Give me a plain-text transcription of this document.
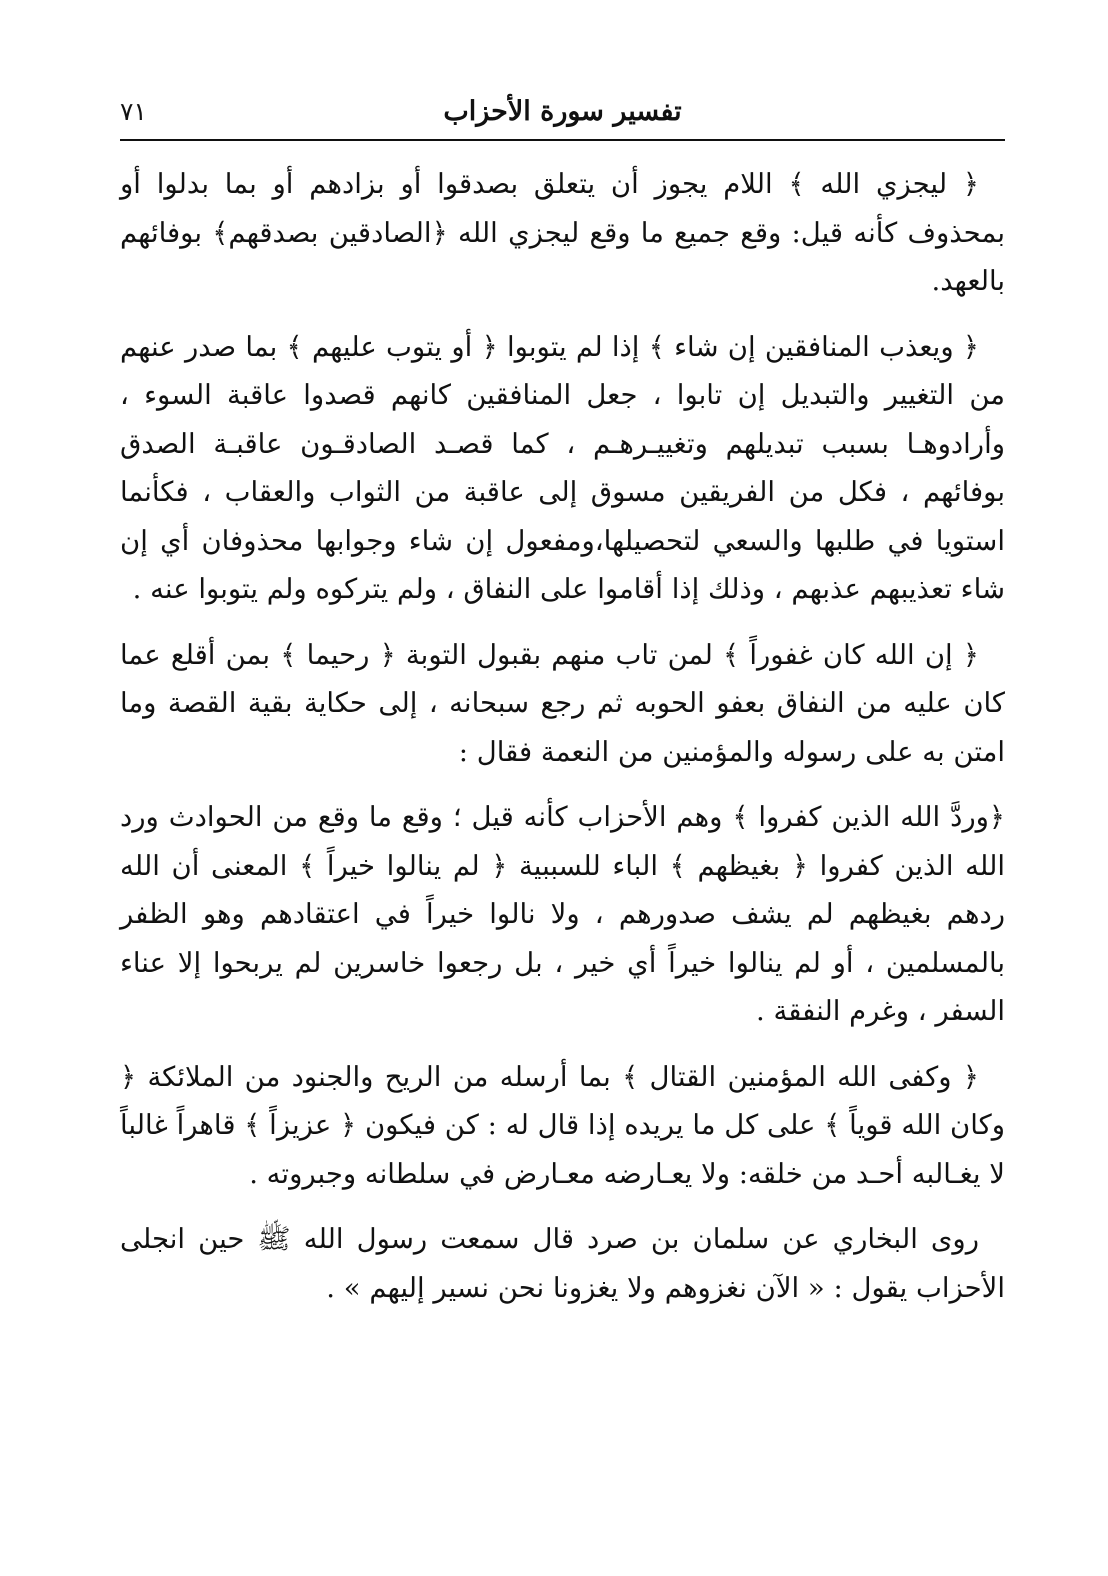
تفسير سورة الأحزاب
٧١

﴿ ليجزي الله ﴾ اللام يجوز أن يتعلق بصدقوا أو بزادهم أو بما بدلوا أو بمحذوف كأنه قيل: وقع جميع ما وقع ليجزي الله ﴿الصادقين بصدقهم﴾ بوفائهم بالعهد.

﴿ ويعذب المنافقين إن شاء ﴾ إذا لم يتوبوا ﴿ أو يتوب عليهم ﴾ بما صدر عنهم من التغيير والتبديل إن تابوا ، جعل المنافقين كانهم قصدوا عاقبة السوء ، وأرادوهـا بسبب تبديلهم وتغييـرهـم ، كما قصـد الصادقـون عاقبـة الصدق بوفائهم ، فكل من الفريقين مسوق إلى عاقبة من الثواب والعقاب ، فكأنما استويا في طلبها والسعي لتحصيلها،ومفعول إن شاء وجوابها محذوفان أي إن شاء تعذيبهم عذبهم ، وذلك إذا أقاموا على النفاق ، ولم يتركوه ولم يتوبوا عنه .

﴿ إن الله كان غفوراً ﴾ لمن تاب منهم بقبول التوبة ﴿ رحيما ﴾ بمن أقلع عما كان عليه من النفاق بعفو الحوبه ثم رجع سبحانه ، إلى حكاية بقية القصة وما امتن به على رسوله والمؤمنين من النعمة فقال :

﴿وردَّ الله الذين كفروا ﴾ وهم الأحزاب كأنه قيل ؛ وقع ما وقع من الحوادث ورد الله الذين كفروا ﴿ بغيظهم ﴾ الباء للسببية ﴿ لم ينالوا خيراً ﴾ المعنى أن الله ردهم بغيظهم لم يشف صدورهم ، ولا نالوا خيراً في اعتقادهم وهو الظفر بالمسلمين ، أو لم ينالوا خيراً أي خير ، بل رجعوا خاسرين لم يربحوا إلا عناء السفر ، وغرم النفقة .

﴿ وكفى الله المؤمنين القتال ﴾ بما أرسله من الريح والجنود من الملائكة ﴿ وكان الله قوياً ﴾ على كل ما يريده إذا قال له : كن فيكون ﴿ عزيزاً ﴾ قاهراً غالباً لا يغـالبه أحـد من خلقه: ولا يعـارضه معـارض في سلطانه وجبروته .

روى البخاري عن سلمان بن صرد قال سمعت رسول الله ﷺ حين انجلى الأحزاب يقول : « الآن نغزوهم ولا يغزونا نحن نسير إليهم » .
